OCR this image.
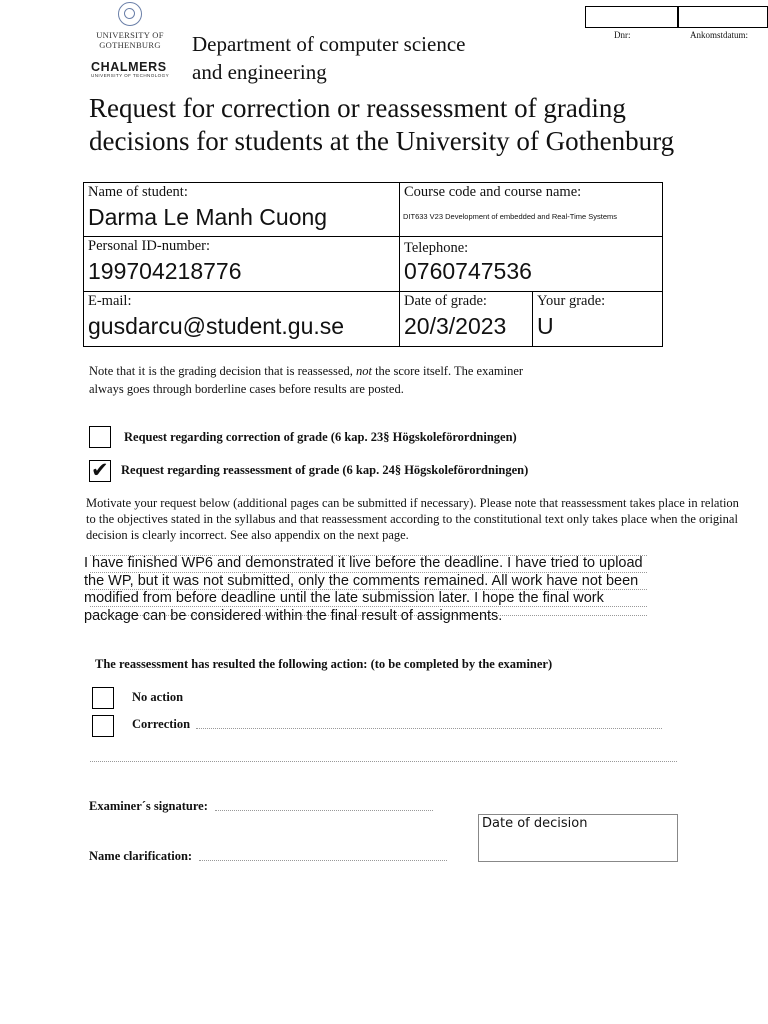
UNIVERSITY OF GOTHENBURG
CHALMERS
UNIVERSITY OF TECHNOLOGY
Department of computer science
and engineering
Dnr:	Ankomstdatum:
Request for correction or reassessment of grading
decisions for students at the University of Gothenburg
Name of student:
Darma Le Manh Cuong
Course code and course name:
DIT633 V23 Development of embedded and Real-Time Systems
Personal ID-number:
199704218776
Telephone:
0760747536
E-mail:
gusdarcu@student.gu.se
Date of grade:
20/3/2023
Your grade:
U
Note that it is the grading decision that is reassessed, not the score itself. The examiner always goes through borderline cases before results are posted.
Request regarding correction of grade (6 kap. 23§ Högskoleförordningen)
✔ Request regarding reassessment of grade (6 kap. 24§ Högskoleförordningen)
Motivate your request below (additional pages can be submitted if necessary). Please note that reassessment takes place in relation to the objectives stated in the syllabus and that reassessment according to the constitutional text only takes place when the original decision is clearly incorrect. See also appendix on the next page.
I have finished WP6 and demonstrated it live before the deadline. I have tried to upload the WP, but it was not submitted, only the comments remained. All work have not been modified from before deadline until the late submission later. I hope the final work package can be considered within the final result of assignments.
The reassessment has resulted the following action: (to be completed by the examiner)
No action
Correction
Examiner´s signature:
Date of decision
Name clarification:
